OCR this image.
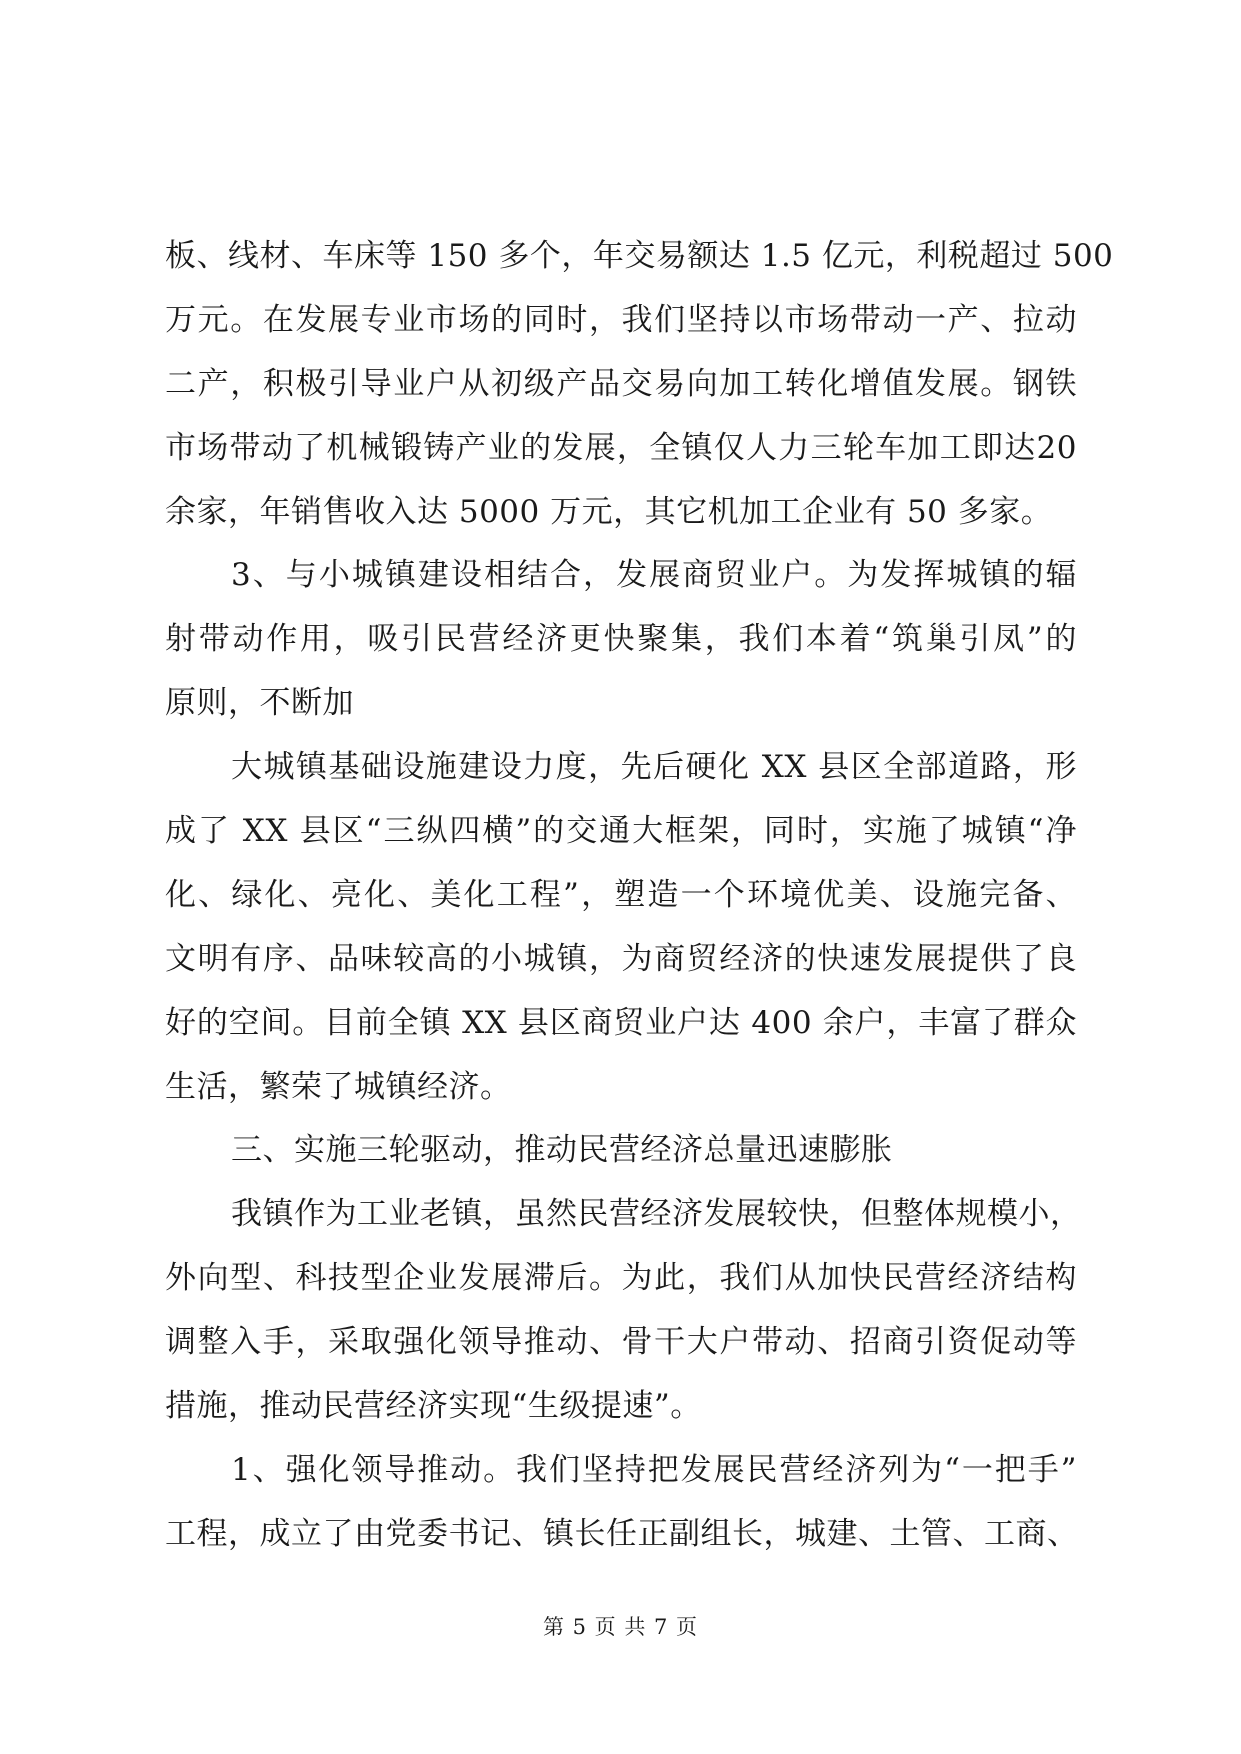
板、线材、车床等 150 多个，年交易额达 1.5 亿元，利税超过 500
万元。在发展专业市场的同时，我们坚持以市场带动一产、拉动
二产，积极引导业户从初级产品交易向加工转化增值发展。钢铁
市场带动了机械锻铸产业的发展，全镇仅人力三轮车加工即达20
余家，年销售收入达 5000 万元，其它机加工企业有 50 多家。
3、与小城镇建设相结合，发展商贸业户。为发挥城镇的辐
射带动作用，吸引民营经济更快聚集，我们本着“筑巢引凤”的
原则，不断加
大城镇基础设施建设力度，先后硬化 XX 县区全部道路，形
成了 XX 县区“三纵四横”的交通大框架，同时，实施了城镇“净
化、绿化、亮化、美化工程”，塑造一个环境优美、设施完备、
文明有序、品味较高的小城镇，为商贸经济的快速发展提供了良
好的空间。目前全镇 XX 县区商贸业户达 400 余户，丰富了群众
生活，繁荣了城镇经济。
三、实施三轮驱动，推动民营经济总量迅速膨胀
我镇作为工业老镇，虽然民营经济发展较快，但整体规模小，
外向型、科技型企业发展滞后。为此，我们从加快民营经济结构
调整入手，采取强化领导推动、骨干大户带动、招商引资促动等
措施，推动民营经济实现“生级提速”。
1、强化领导推动。我们坚持把发展民营经济列为“一把手”
工程，成立了由党委书记、镇长任正副组长，城建、土管、工商、
第 5 页 共 7 页
